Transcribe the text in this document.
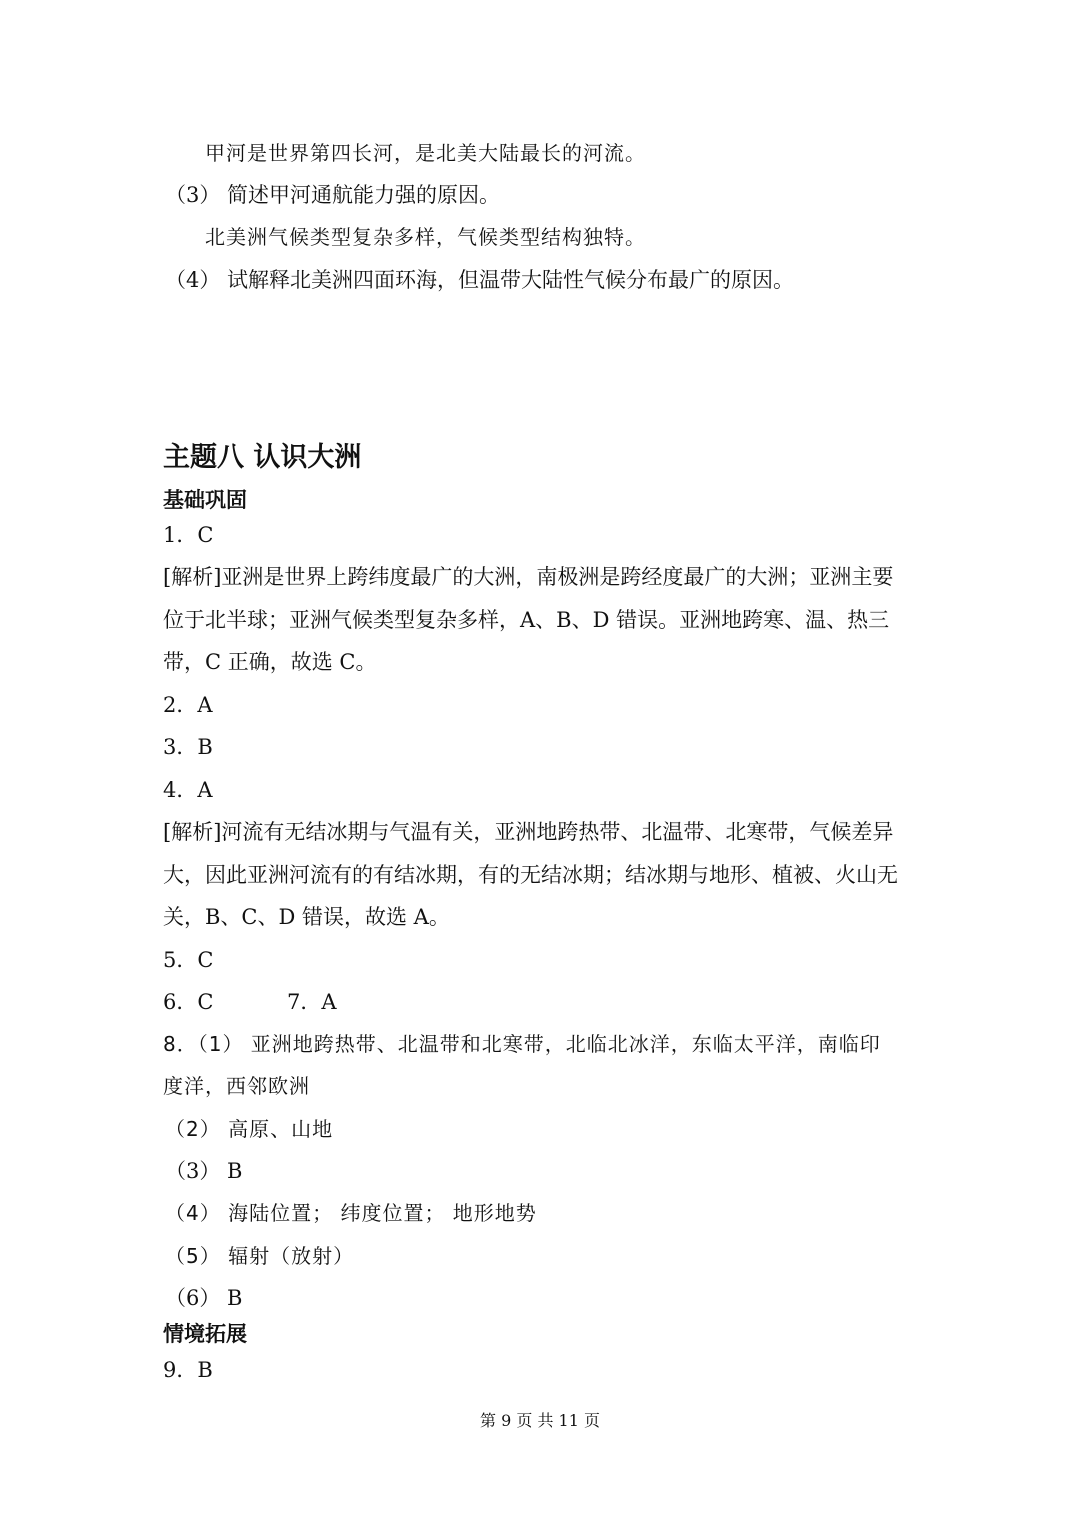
甲河是世界第四长河，是北美大陆最长的河流。
（3） 简述甲河通航能力强的原因。
北美洲气候类型复杂多样，气候类型结构独特。
（4） 试解释北美洲四面环海，但温带大陆性气候分布最广的原因。
主题八 认识大洲
基础巩固
1．C
[解析]亚洲是世界上跨纬度最广的大洲，南极洲是跨经度最广的大洲；亚洲主要
位于北半球；亚洲气候类型复杂多样，A、B、D 错误。亚洲地跨寒、温、热三
带，C 正确，故选 C。
2．A
3．B
4．A
[解析]河流有无结冰期与气温有关，亚洲地跨热带、北温带、北寒带，气候差异
大，因此亚洲河流有的有结冰期，有的无结冰期；结冰期与地形、植被、火山无
关，B、C、D 错误，故选 A。
5．C
6．C	7．A
8．（1） 亚洲地跨热带、北温带和北寒带，北临北冰洋，东临太平洋，南临印
度洋，西邻欧洲
（2） 高原、山地
（3） B
（4） 海陆位置； 纬度位置； 地形地势
（5） 辐射（放射）
（6） B
情境拓展
9．B
第 9 页 共 11 页
